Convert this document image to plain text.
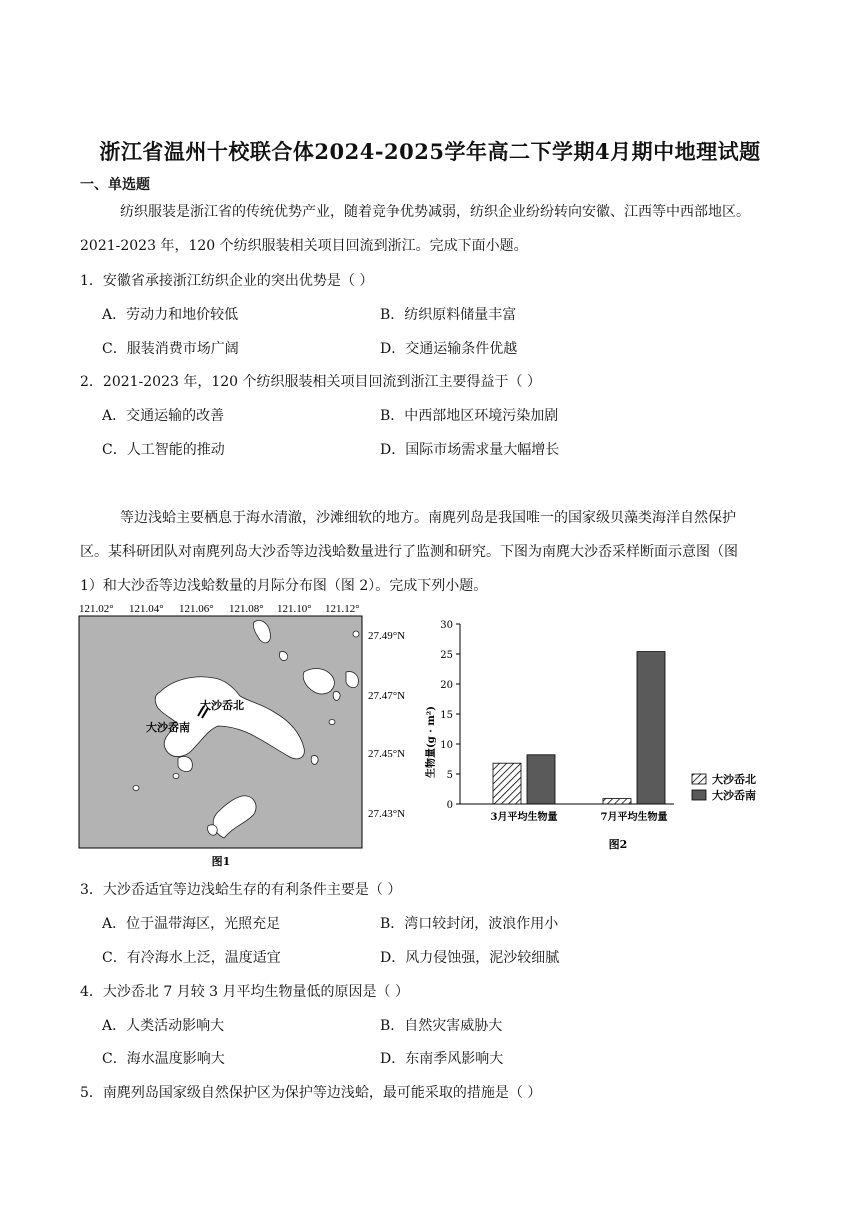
浙江省温州十校联合体2024-2025学年高二下学期4月期中地理试题
一、单选题
纺织服装是浙江省的传统优势产业，随着竞争优势减弱，纺织企业纷纷转向安徽、江西等中西部地区。
2021-2023 年，120 个纺织服装相关项目回流到浙江。完成下面小题。
1．安徽省承接浙江纺织企业的突出优势是（ ）
A．劳动力和地价较低	B．纺织原料储量丰富
C．服装消费市场广阔	D．交通运输条件优越
2．2021-2023 年，120 个纺织服装相关项目回流到浙江主要得益于（ ）
A．交通运输的改善	B．中西部地区环境污染加剧
C．人工智能的推动	D．国际市场需求量大幅增长
等边浅蛤主要栖息于海水清澈，沙滩细软的地方。南麂列岛是我国唯一的国家级贝藻类海洋自然保护
区。某科研团队对南麂列岛大沙岙等边浅蛤数量进行了监测和研究。下图为南麂大沙岙采样断面示意图（图
1）和大沙岙等边浅蛤数量的月际分布图（图 2）。完成下列小题。
121.02° 121.04° 121.06° 121.08° 121.10° 121.12°
大沙岙北
大沙岙南
27.49°N
27.47°N
27.45°N
27.43°N
图1
0
5
10
15
20
25
30
3月平均生物量	7月平均生物量
生物量(g · m²)
大沙岙北
大沙岙南
图2
3．大沙岙适宜等边浅蛤生存的有利条件主要是（ ）
A．位于温带海区，光照充足	B．湾口较封闭，波浪作用小
C．有冷海水上泛，温度适宜	D．风力侵蚀强，泥沙较细腻
4．大沙岙北 7 月较 3 月平均生物量低的原因是（ ）
A．人类活动影响大	B．自然灾害威胁大
C．海水温度影响大	D．东南季风影响大
5．南麂列岛国家级自然保护区为保护等边浅蛤，最可能采取的措施是（ ）
